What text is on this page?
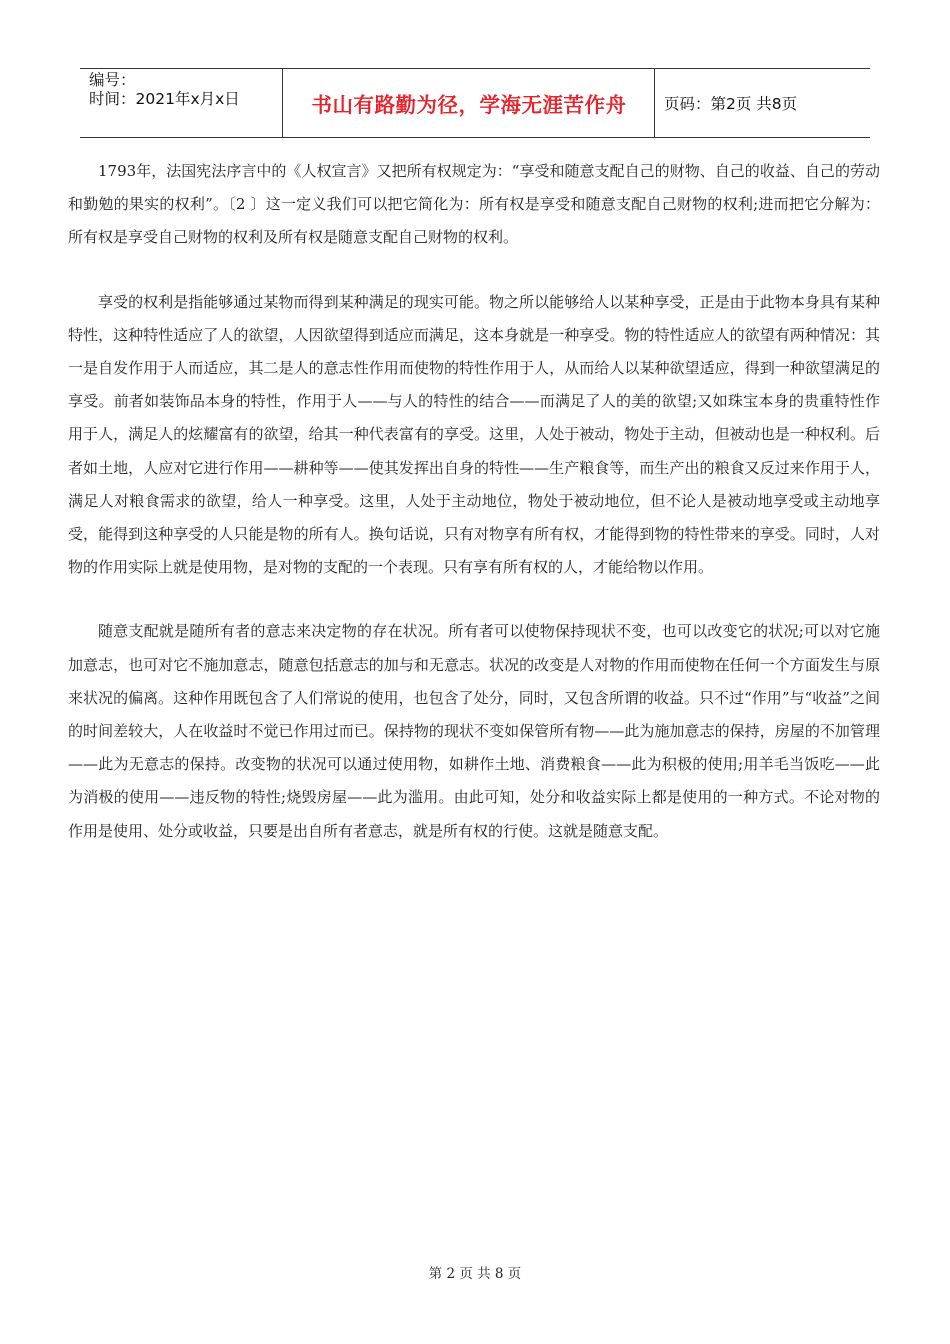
编号：
时间：2021年x月x日	书山有路勤为径，学海无涯苦作舟	页码：第2页 共8页

1793年，法国宪法序言中的《人权宣言》又把所有权规定为：“享受和随意支配自己的财物、自己的收益、自己的劳动和勤勉的果实的权利”。〔2 〕这一定义我们可以把它简化为：所有权是享受和随意支配自己财物的权利;进而把它分解为：所有权是享受自己财物的权利及所有权是随意支配自己财物的权利。

享受的权利是指能够通过某物而得到某种满足的现实可能。物之所以能够给人以某种享受，正是由于此物本身具有某种特性，这种特性适应了人的欲望，人因欲望得到适应而满足，这本身就是一种享受。物的特性适应人的欲望有两种情况：其一是自发作用于人而适应，其二是人的意志性作用而使物的特性作用于人，从而给人以某种欲望适应，得到一种欲望满足的享受。前者如装饰品本身的特性，作用于人——与人的特性的结合——而满足了人的美的欲望;又如珠宝本身的贵重特性作用于人，满足人的炫耀富有的欲望，给其一种代表富有的享受。这里，人处于被动，物处于主动，但被动也是一种权利。后者如土地，人应对它进行作用——耕种等——使其发挥出自身的特性——生产粮食等，而生产出的粮食又反过来作用于人，满足人对粮食需求的欲望，给人一种享受。这里，人处于主动地位，物处于被动地位，但不论人是被动地享受或主动地享受，能得到这种享受的人只能是物的所有人。换句话说，只有对物享有所有权，才能得到物的特性带来的享受。同时，人对物的作用实际上就是使用物，是对物的支配的一个表现。只有享有所有权的人，才能给物以作用。

随意支配就是随所有者的意志来决定物的存在状况。所有者可以使物保持现状不变，也可以改变它的状况;可以对它施加意志，也可对它不施加意志，随意包括意志的加与和无意志。状况的改变是人对物的作用而使物在任何一个方面发生与原来状况的偏离。这种作用既包含了人们常说的使用，也包含了处分，同时，又包含所谓的收益。只不过“作用”与“收益”之间的时间差较大，人在收益时不觉已作用过而已。保持物的现状不变如保管所有物——此为施加意志的保持，房屋的不加管理——此为无意志的保持。改变物的状况可以通过使用物，如耕作土地、消费粮食——此为积极的使用;用羊毛当饭吃——此为消极的使用——违反物的特性;烧毁房屋——此为滥用。由此可知，处分和收益实际上都是使用的一种方式。不论对物的作用是使用、处分或收益，只要是出自所有者意志，就是所有权的行使。这就是随意支配。

第 2 页 共 8 页
